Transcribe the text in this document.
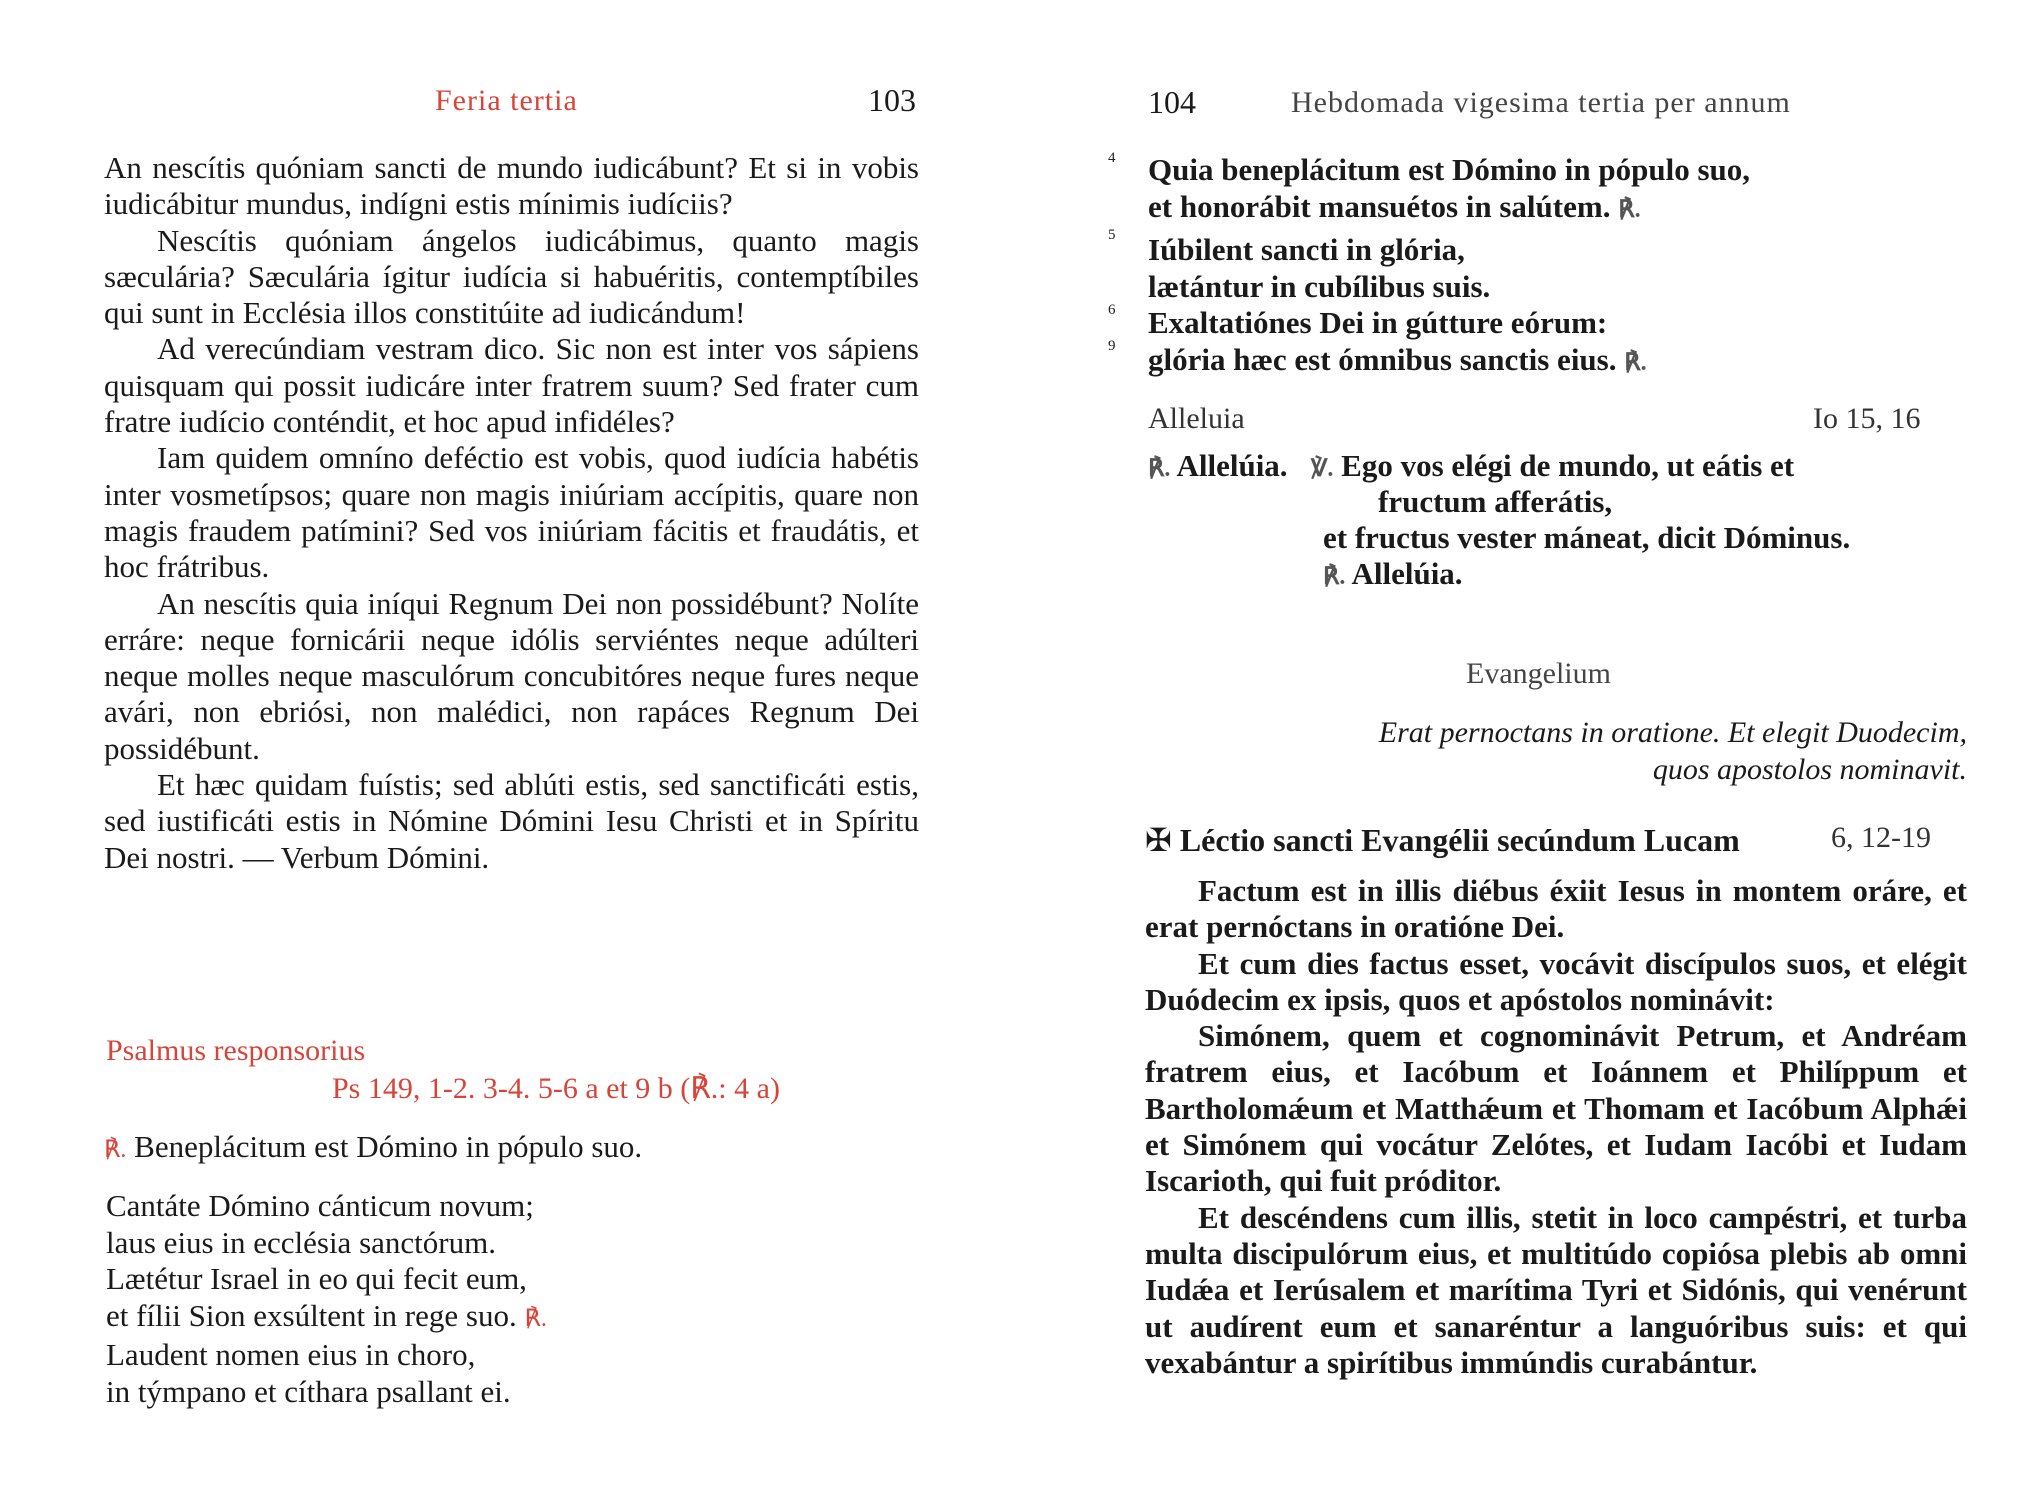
Feria tertia	103

An nescítis quóniam sancti de mundo iudicábunt? Et si in vobis iudicábitur mundus, indígni estis mínimis iudíciis?

Nescítis quóniam ángelos iudicábimus, quanto magis sæculária? Sæculária ígitur iudícia si habuéritis, contemptíbiles qui sunt in Ecclésia illos constitúite ad iudicándum!

Ad verecúndiam vestram dico. Sic non est inter vos sápiens quisquam qui possit iudicáre inter fratrem suum? Sed frater cum fratre iudício conténdit, et hoc apud infidéles?

Iam quidem omníno deféctio est vobis, quod iudícia habétis inter vosmetípsos; quare non magis iniúriam accípitis, quare non magis fraudem patímini? Sed vos iniúriam fácitis et fraudátis, et hoc frátribus.

An nescítis quia iníqui Regnum Dei non possidébunt? Nolíte erráre: neque fornicárii neque idólis serviéntes neque adúlteri neque molles neque masculórum concubitóres neque fures neque avári, non ebriósi, non malédici, non rapáces Regnum Dei possidébunt.

Et hæc quidam fuístis; sed ablúti estis, sed sanctificáti estis, sed iustificáti estis in Nómine Dómini Iesu Christi et in Spíritu Dei nostri. — Verbum Dómini.

Psalmus responsorius
Ps 149, 1-2. 3-4. 5-6 a et 9 b (℟.: 4 a)
℟. Beneplácitum est Dómino in pópulo suo.
Cantáte Dómino cánticum novum;
laus eius in ecclésia sanctórum.
Lætétur Israel in eo qui fecit eum,
et fílii Sion exsúltent in rege suo. ℟.
Laudent nomen eius in choro,
in týmpano et cíthara psallant ei.
104	Hebdomada vigesima tertia per annum
Quia beneplácitum est Dómino in pópulo suo,
et honorábit mansuétos in salútem. ℟.
Iúbilent sancti in glória,
lætántur in cubílibus suis.
Exaltatiónes Dei in gútture eórum:
glória hæc est ómnibus sanctis eius. ℟.
4
5
6
9
Alleluia	Io 15, 16
℟. Allelúia. ℣. Ego vos elégi de mundo, ut eátis et
fructum afferátis,
et fructus vester máneat, dicit Dóminus.
℟. Allelúia.
Evangelium
Erat pernoctans in oratione. Et elegit Duodecim,
quos apostolos nominavit.
✠ Léctio sancti Evangélii secúndum Lucam	6, 12-19

Factum est in illis diébus éxiit Iesus in montem oráre, et erat pernóctans in oratióne Dei.

Et cum dies factus esset, vocávit discípulos suos, et elégit Duódecim ex ipsis, quos et apóstolos nominávit:

Simónem, quem et cognominávit Petrum, et Andréam fratrem eius, et Iacóbum et Ioánnem et Philíppum et Bartholomǽum et Matthǽum et Thomam et Iacóbum Alphǽi et Simónem qui vocátur Zelótes, et Iudam Iacóbi et Iudam Iscarioth, qui fuit próditor.

Et descéndens cum illis, stetit in loco campéstri, et turba multa discipulórum eius, et multitúdo copiósa plebis ab omni Iudǽa et Ierúsalem et marítima Tyri et Sidónis, qui venérunt ut audírent eum et sanaréntur a languóribus suis: et qui vexabántur a spirítibus immúndis curabántur.
